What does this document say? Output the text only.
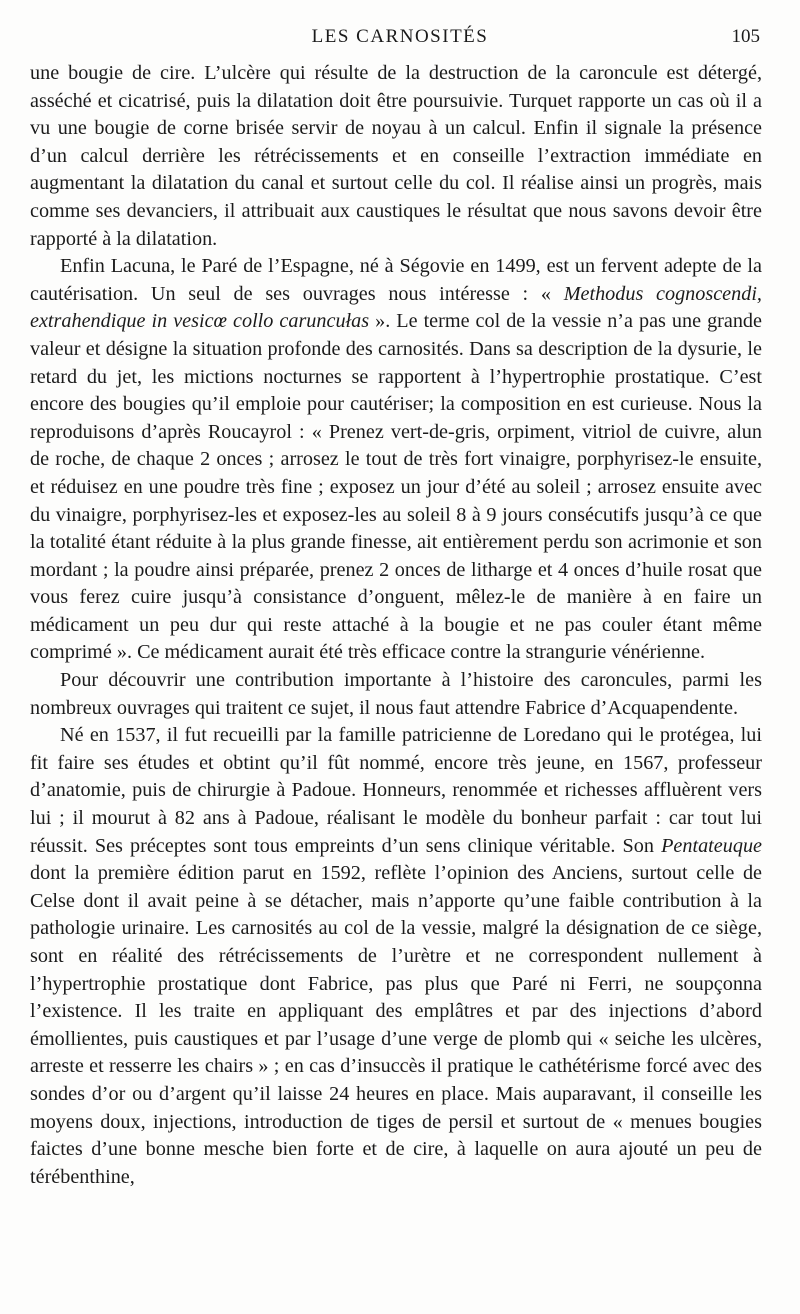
LES CARNOSITÉS	105

une bougie de cire. L’ulcère qui résulte de la destruction de la caroncule est détergé, asséché et cicatrisé, puis la dilatation doit être poursuivie. Turquet rapporte un cas où il a vu une bougie de corne brisée servir de noyau à un calcul. Enfin il signale la présence d’un calcul derrière les rétrécissements et en conseille l’extraction immédiate en augmentant la dilatation du canal et surtout celle du col. Il réalise ainsi un progrès, mais comme ses devanciers, il attribuait aux caustiques le résultat que nous savons devoir être rapporté à la dilatation.

Enfin Lacuna, le Paré de l’Espagne, né à Ségovie en 1499, est un fervent adepte de la cautérisation. Un seul de ses ouvrages nous intéresse : « Methodus cognoscendi, extrahendique in vesicœ collo caruncułas ». Le terme col de la vessie n’a pas une grande valeur et désigne la situation profonde des carnosités. Dans sa description de la dysurie, le retard du jet, les mictions nocturnes se rapportent à l’hypertrophie prostatique. C’est encore des bougies qu’il emploie pour cautériser; la composition en est curieuse. Nous la reproduisons d’après Roucayrol : « Prenez vert-de-gris, orpiment, vitriol de cuivre, alun de roche, de chaque 2 onces ; arrosez le tout de très fort vinaigre, porphyrisez-le ensuite, et réduisez en une poudre très fine ; exposez un jour d’été au soleil ; arrosez ensuite avec du vinaigre, porphyrisez-les et exposez-les au soleil 8 à 9 jours consécutifs jusqu’à ce que la totalité étant réduite à la plus grande finesse, ait entièrement perdu son acrimonie et son mordant ; la poudre ainsi préparée, prenez 2 onces de litharge et 4 onces d’huile rosat que vous ferez cuire jusqu’à consistance d’onguent, mêlez-le de manière à en faire un médicament un peu dur qui reste attaché à la bougie et ne pas couler étant même comprimé ». Ce médicament aurait été très efficace contre la strangurie vénérienne.

Pour découvrir une contribution importante à l’histoire des caroncules, parmi les nombreux ouvrages qui traitent ce sujet, il nous faut attendre Fabrice d’Acquapendente.

Né en 1537, il fut recueilli par la famille patricienne de Loredano qui le protégea, lui fit faire ses études et obtint qu’il fût nommé, encore très jeune, en 1567, professeur d’anatomie, puis de chirurgie à Padoue. Honneurs, renommée et richesses affluèrent vers lui ; il mourut à 82 ans à Padoue, réalisant le modèle du bonheur parfait : car tout lui réussit. Ses préceptes sont tous empreints d’un sens clinique véritable. Son Pentateuque dont la première édition parut en 1592, reflète l’opinion des Anciens, surtout celle de Celse dont il avait peine à se détacher, mais n’apporte qu’une faible contribution à la pathologie urinaire. Les carnosités au col de la vessie, malgré la désignation de ce siège, sont en réalité des rétrécissements de l’urètre et ne correspondent nullement à l’hypertrophie prostatique dont Fabrice, pas plus que Paré ni Ferri, ne soupçonna l’existence. Il les traite en appliquant des emplâtres et par des injections d’abord émollientes, puis caustiques et par l’usage d’une verge de plomb qui « seiche les ulcères, arreste et resserre les chairs » ; en cas d’insuccès il pratique le cathétérisme forcé avec des sondes d’or ou d’argent qu’il laisse 24 heures en place. Mais auparavant, il conseille les moyens doux, injections, introduction de tiges de persil et surtout de « menues bougies faictes d’une bonne mesche bien forte et de cire, à laquelle on aura ajouté un peu de térébenthine,
